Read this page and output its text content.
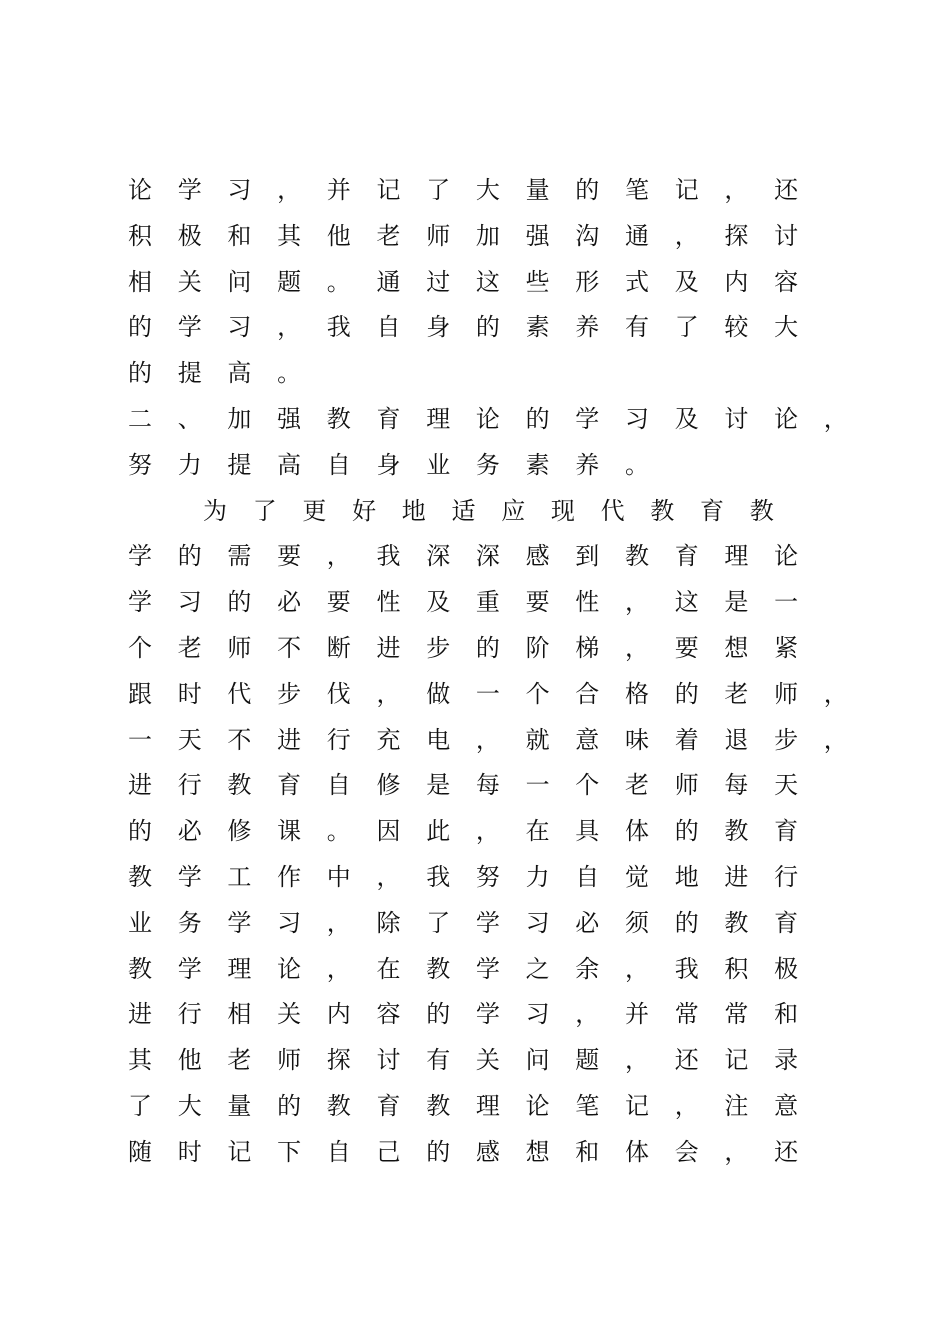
论 学 习 ， 并 记 了 大 量 的 笔 记 ， 还
积 极 和 其 他 老 师 加 强 沟 通 ， 探 讨
相 关 问 题 。 通 过 这 些 形 式 及 内 容
的 学 习 ， 我 自 身 的 素 养 有 了 较 大
的 提 高 。
二 、 加 强 教 育 理 论 的 学 习 及 讨 论 ，
努 力 提 高 自 身 业 务 素 养 。
为 了 更 好 地 适 应 现 代 教 育 教
学 的 需 要 ， 我 深 深 感 到 教 育 理 论
学 习 的 必 要 性 及 重 要 性 ， 这 是 一
个 老 师 不 断 进 步 的 阶 梯 ， 要 想 紧
跟 时 代 步 伐 ， 做 一 个 合 格 的 老 师 ，
一 天 不 进 行 充 电 ， 就 意 味 着 退 步 ，
进 行 教 育 自 修 是 每 一 个 老 师 每 天
的 必 修 课 。 因 此 ， 在 具 体 的 教 育
教 学 工 作 中 ， 我 努 力 自 觉 地 进 行
业 务 学 习 ， 除 了 学 习 必 须 的 教 育
教 学 理 论 ， 在 教 学 之 余 ， 我 积 极
进 行 相 关 内 容 的 学 习 ， 并 常 常 和
其 他 老 师 探 讨 有 关 问 题 ， 还 记 录
了 大 量 的 教 育 教 理 论 笔 记 ， 注 意
随 时 记 下 自 己 的 感 想 和 体 会 ， 还
